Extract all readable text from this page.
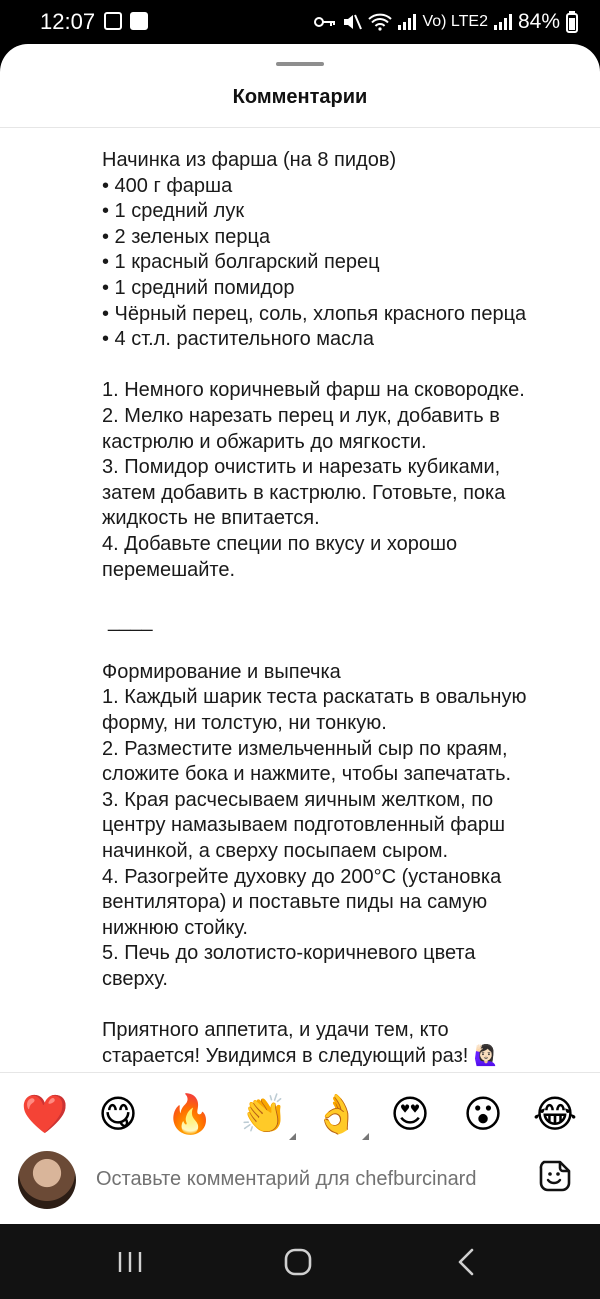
12:07	Vo) LTE2 84%
Комментарии
Начинка из фарша (на 8 пидов)
• 400 г фарша
• 1 средний лук
• 2 зеленых перца
• 1 красный болгарский перец
• 1 средний помидор
• Чёрный перец, соль, хлопья красного перца
• 4 ст.л. растительного масла
1. Немного коричневый фарш на сковородке.
2. Мелко нарезать перец и лук, добавить в
кастрюлю и обжарить до мягкости.
3. Помидор очистить и нарезать кубиками,
затем добавить в кастрюлю. Готовьте, пока
жидкость не впитается.
4. Добавьте специи по вкусу и хорошо
перемешайте.
____
Формирование и выпечка
1. Каждый шарик теста раскатать в овальную
форму, ни толстую, ни тонкую.
2. Разместите измельченный сыр по краям,
сложите бока и нажмите, чтобы запечатать.
3. Края расчесываем яичным желтком, по
центру намазываем подготовленный фарш
начинкой, а сверху посыпаем сыром.
4. Разогрейте духовку до 200°C (установка
вентилятора) и поставьте пиды на самую
нижнюю стойку.
5. Печь до золотисто-коричневого цвета
сверху.
Приятного аппетита, и удачи тем, кто
старается! Увидимся в следующий раз! 🙋🏻‍♀️
❤️ 😋 🔥 👏 👌 😍 😮 😂
Оставьте комментарий для chefburcinard
